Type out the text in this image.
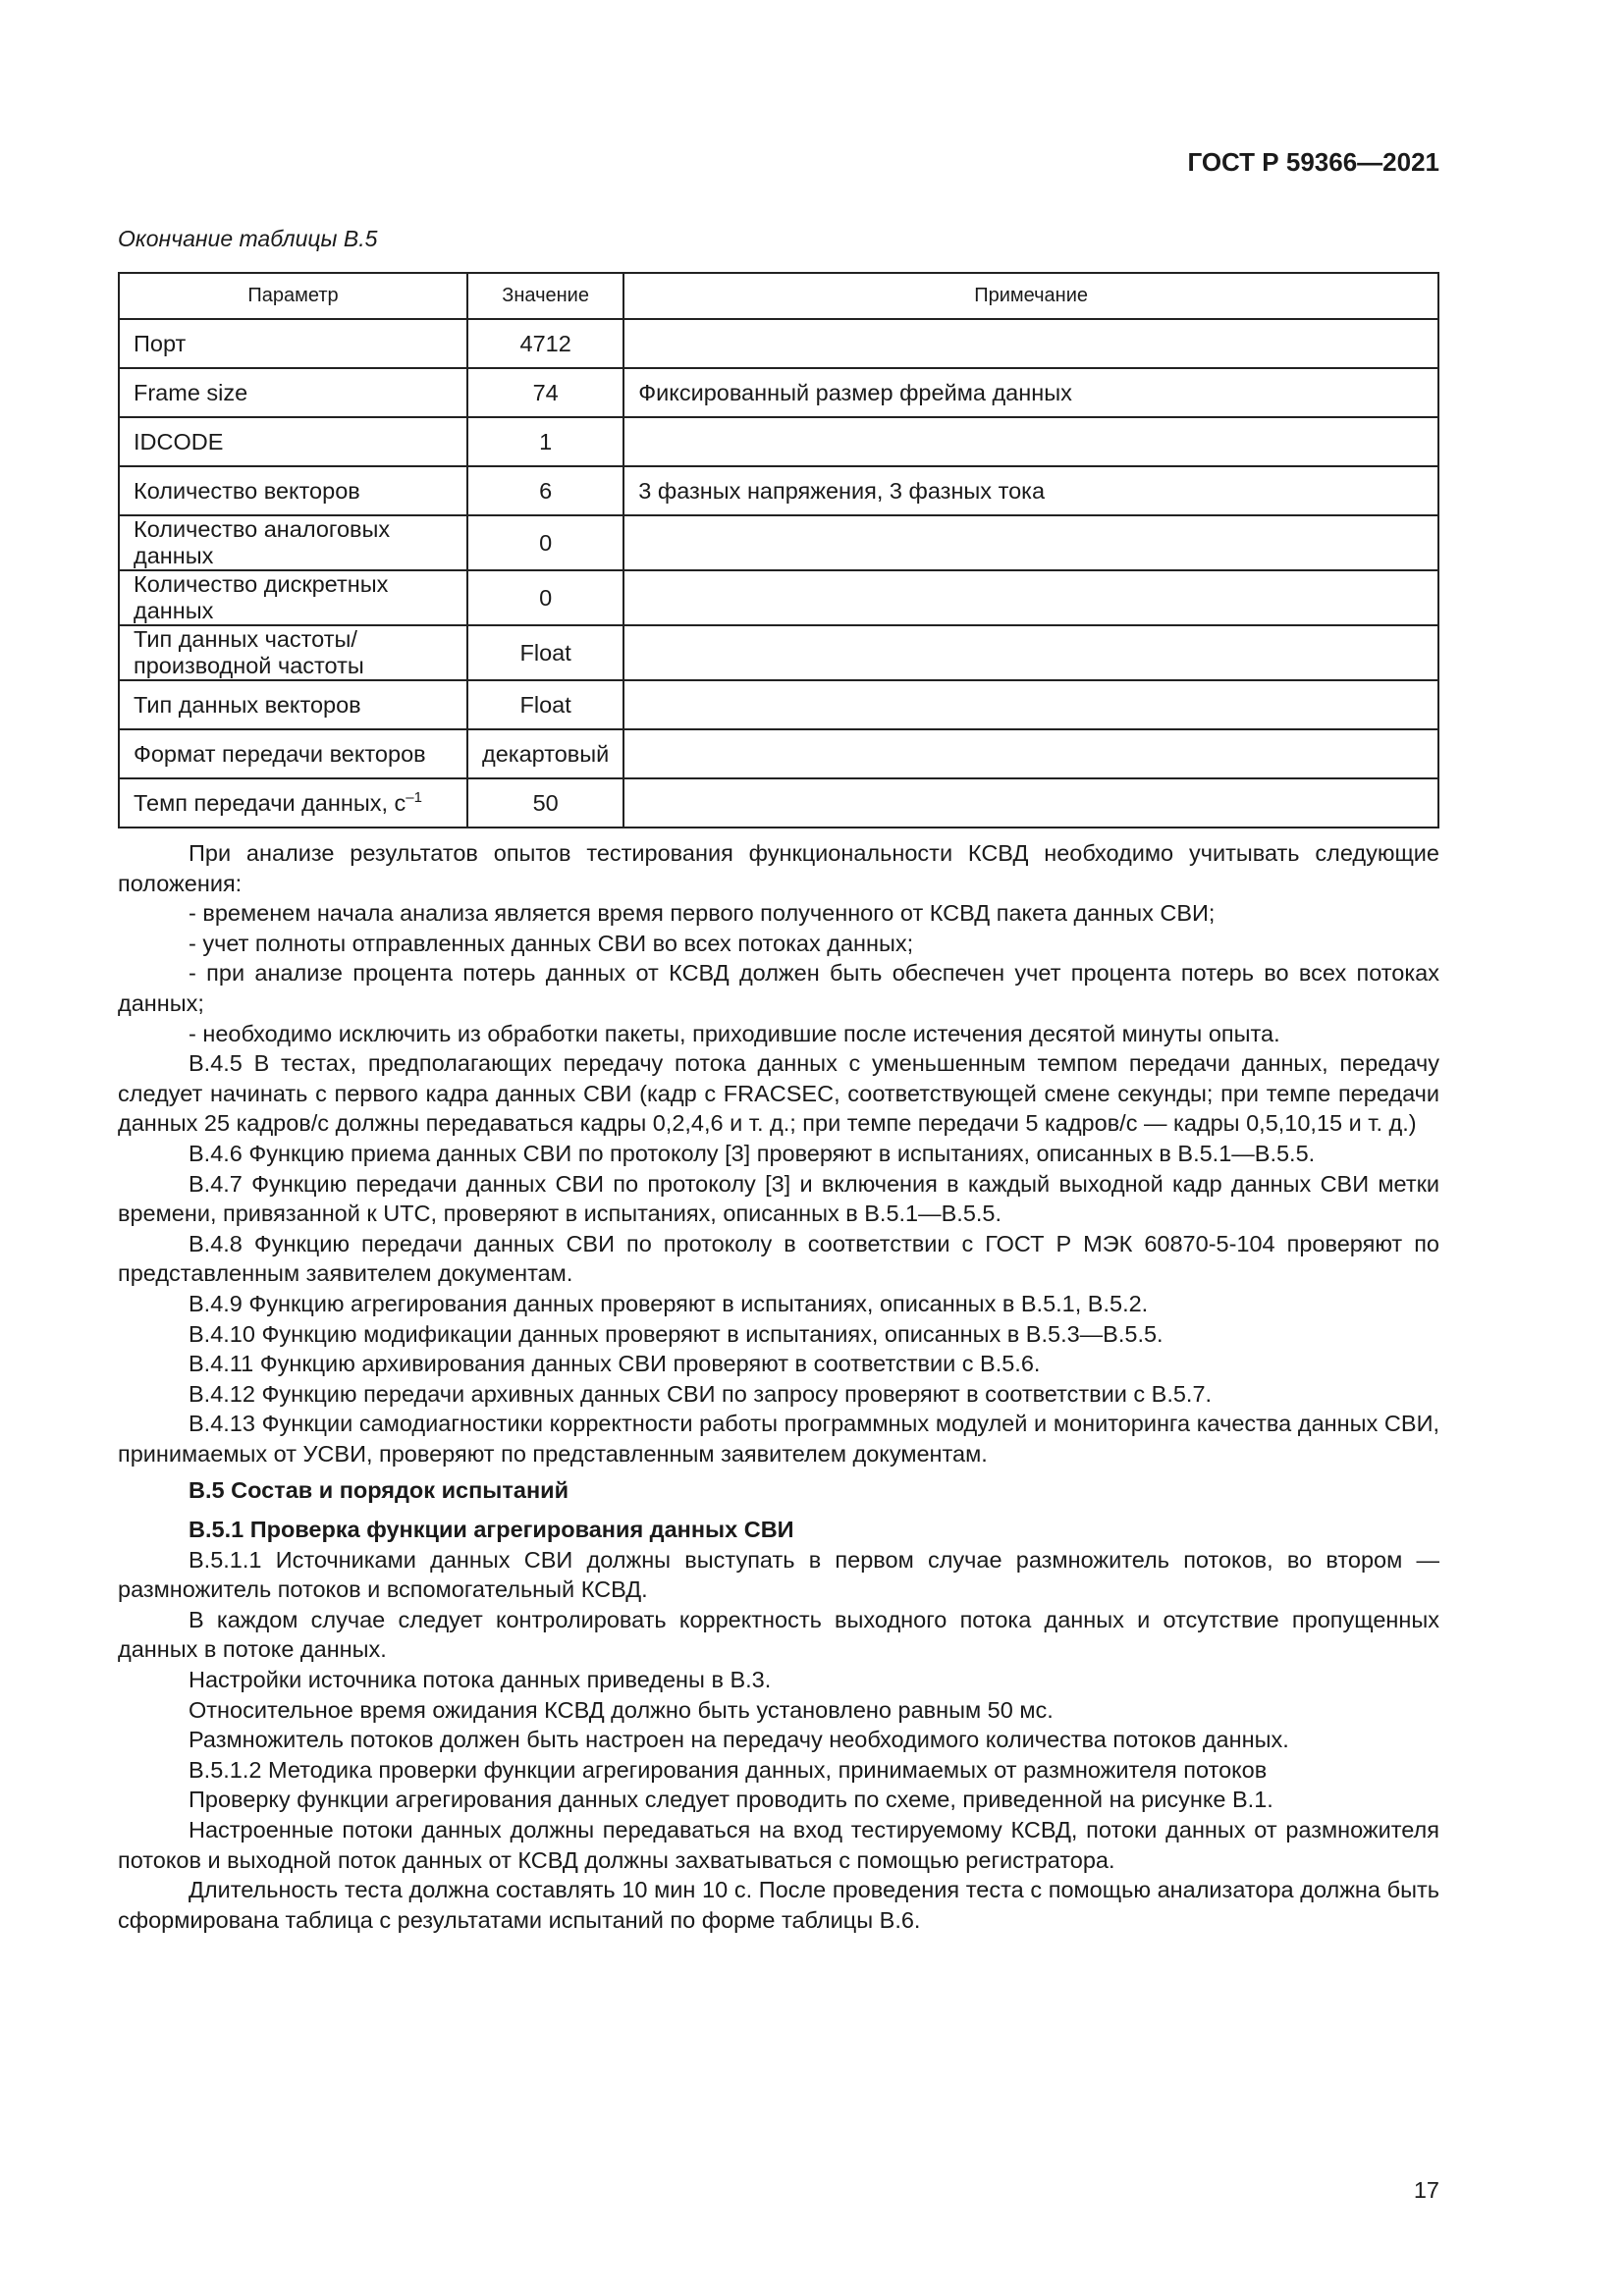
ГОСТ Р 59366—2021
Окончание таблицы В.5
Параметр	Значение	Примечание
Порт	4712	
Frame size	74	Фиксированный размер фрейма данных
IDCODE	1	
Количество векторов	6	3 фазных напряжения, 3 фазных тока
Количество аналоговых данных	0	
Количество дискретных данных	0	
Тип данных частоты/производной частоты	Float	
Тип данных векторов	Float	
Формат передачи векторов	декартовый	
Темп передачи данных, $с^{-1}$	50	

При анализе результатов опытов тестирования функциональности КСВД необходимо учитывать следующие положения:

- временем начала анализа является время первого полученного от КСВД пакета данных СВИ;

- учет полноты отправленных данных СВИ во всех потоках данных;

- при анализе процента потерь данных от КСВД должен быть обеспечен учет процента потерь во всех потоках данных;

- необходимо исключить из обработки пакеты, приходившие после истечения десятой минуты опыта.

В.4.5 В тестах, предполагающих передачу потока данных с уменьшенным темпом передачи данных, передачу следует начинать с первого кадра данных СВИ (кадр с FRACSEC, соответствующей смене секунды; при темпе передачи данных 25 кадров/с должны передаваться кадры 0,2,4,6 и т. д.; при темпе передачи 5 кадров/с — кадры 0,5,10,15 и т. д.)

В.4.6 Функцию приема данных СВИ по протоколу [3] проверяют в испытаниях, описанных в В.5.1—В.5.5.

В.4.7 Функцию передачи данных СВИ по протоколу [3] и включения в каждый выходной кадр данных СВИ метки времени, привязанной к UTC, проверяют в испытаниях, описанных в В.5.1—В.5.5.

В.4.8 Функцию передачи данных СВИ по протоколу в соответствии с ГОСТ Р МЭК 60870-5-104 проверяют по представленным заявителем документам.

В.4.9 Функцию агрегирования данных проверяют в испытаниях, описанных в В.5.1, В.5.2.

В.4.10 Функцию модификации данных проверяют в испытаниях, описанных в В.5.3—В.5.5.

В.4.11 Функцию архивирования данных СВИ проверяют в соответствии с В.5.6.

В.4.12 Функцию передачи архивных данных СВИ по запросу проверяют в соответствии с В.5.7.

В.4.13 Функции самодиагностики корректности работы программных модулей и мониторинга качества данных СВИ, принимаемых от УСВИ, проверяют по представленным заявителем документам.

В.5 Состав и порядок испытаний

В.5.1 Проверка функции агрегирования данных СВИ

В.5.1.1 Источниками данных СВИ должны выступать в первом случае размножитель потоков, во втором — размножитель потоков и вспомогательный КСВД.

В каждом случае следует контролировать корректность выходного потока данных и отсутствие пропущенных данных в потоке данных.

Настройки источника потока данных приведены в В.3.

Относительное время ожидания КСВД должно быть установлено равным 50 мс.

Размножитель потоков должен быть настроен на передачу необходимого количества потоков данных.

В.5.1.2 Методика проверки функции агрегирования данных, принимаемых от размножителя потоков

Проверку функции агрегирования данных следует проводить по схеме, приведенной на рисунке В.1.

Настроенные потоки данных должны передаваться на вход тестируемому КСВД, потоки данных от размножителя потоков и выходной поток данных от КСВД должны захватываться с помощью регистратора.

Длительность теста должна составлять 10 мин 10 с. После проведения теста с помощью анализатора должна быть сформирована таблица с результатами испытаний по форме таблицы В.6.

17
